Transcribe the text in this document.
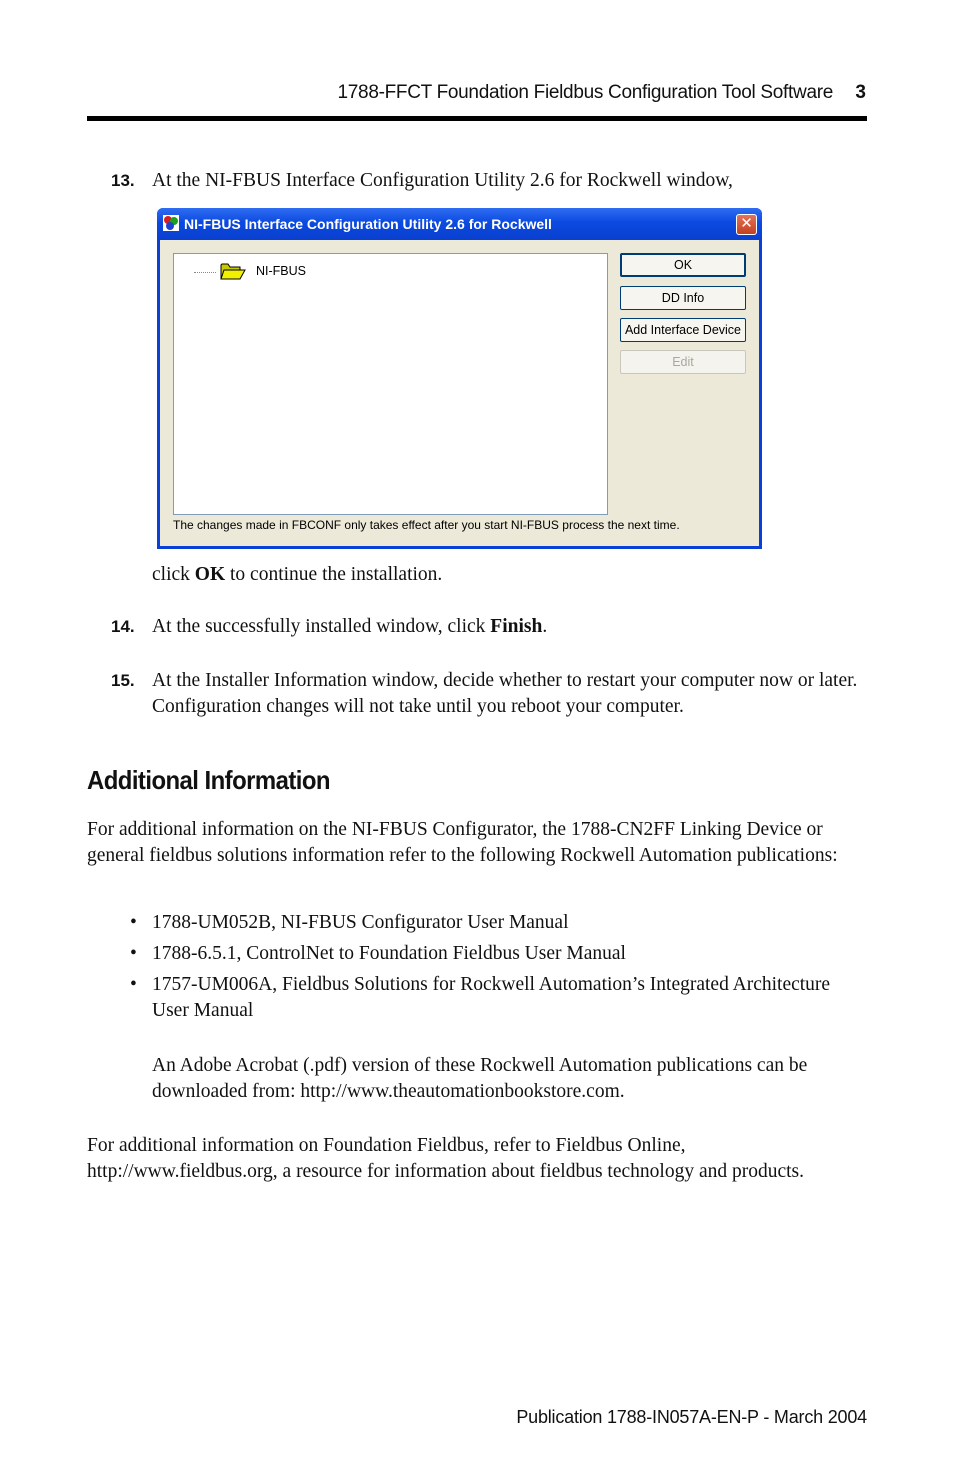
1788-FFCT Foundation Fieldbus Configuration Tool Software 3
13. At the NI-FBUS Interface Configuration Utility 2.6 for Rockwell window,
NI-FBUS Interface Configuration Utility 2.6 for Rockwell	✕
NI-FBUS	OK
DD Info
Add Interface Device
Edit
The changes made in FBCONF only takes effect after you start NI-FBUS process the next time.
click OK to continue the installation.
14. At the successfully installed window, click Finish.
15. At the Installer Information window, decide whether to restart your computer now or later. Configuration changes will not take until you reboot your computer.
Additional Information
For additional information on the NI-FBUS Configurator, the 1788-CN2FF Linking Device or general fieldbus solutions information refer to the following Rockwell Automation publications:
• 1788-UM052B, NI-FBUS Configurator User Manual
• 1788-6.5.1, ControlNet to Foundation Fieldbus User Manual
• 1757-UM006A, Fieldbus Solutions for Rockwell Automation’s Integrated Architecture User Manual
An Adobe Acrobat (.pdf) version of these Rockwell Automation publications can be downloaded from: http://www.theautomationbookstore.com.
For additional information on Foundation Fieldbus, refer to Fieldbus Online, http://www.fieldbus.org, a resource for information about fieldbus technology and products.
Publication 1788-IN057A-EN-P - March 2004
